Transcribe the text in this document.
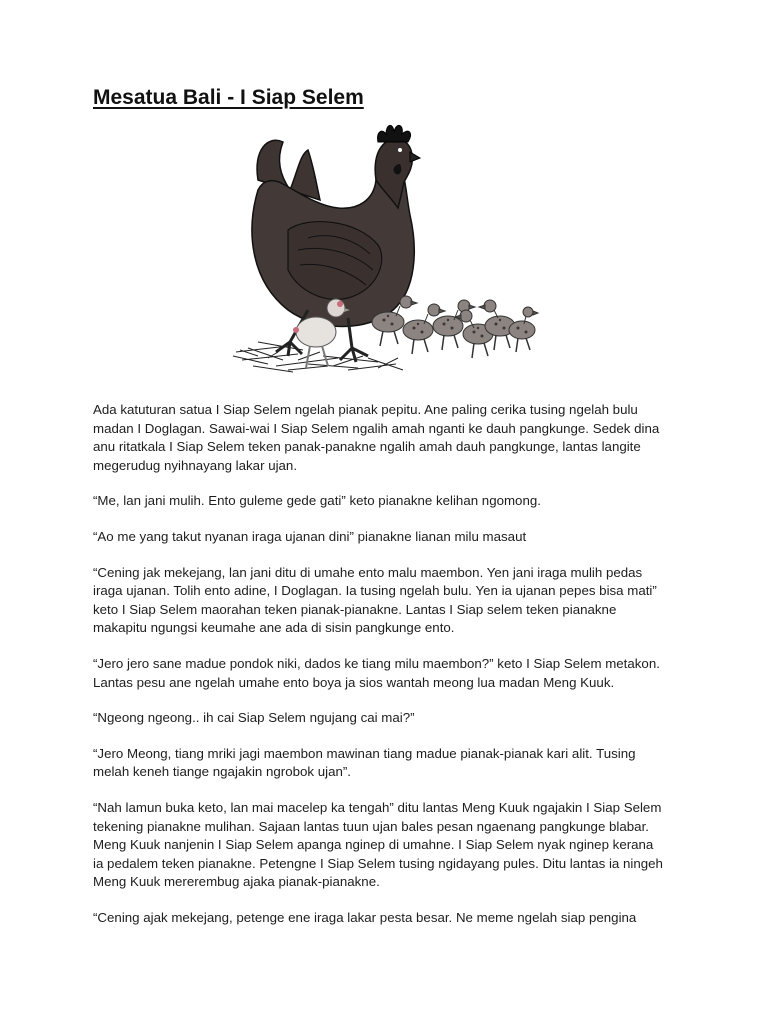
Mesatua Bali - I Siap Selem

Ada katuturan satua I Siap Selem ngelah pianak pepitu. Ane paling cerika tusing ngelah bulu
madan I Doglagan. Sawai-wai I Siap Selem ngalih amah nganti ke dauh pangkunge. Sedek dina
anu ritatkala I Siap Selem teken panak-panakne ngalih amah dauh pangkunge, lantas langite
megerudug nyihnayang lakar ujan.

“Me, lan jani mulih. Ento guleme gede gati” keto pianakne kelihan ngomong.

“Ao me yang takut nyanan iraga ujanan dini” pianakne lianan milu masaut

“Cening jak mekejang, lan jani ditu di umahe ento malu maembon. Yen jani iraga mulih pedas
iraga ujanan. Tolih ento adine, I Doglagan. Ia tusing ngelah bulu. Yen ia ujanan pepes bisa mati”
keto I Siap Selem maorahan teken pianak-pianakne. Lantas I Siap selem teken pianakne
makapitu ngungsi keumahe ane ada di sisin pangkunge ento.

“Jero jero sane madue pondok niki, dados ke tiang milu maembon?” keto I Siap Selem metakon.
Lantas pesu ane ngelah umahe ento boya ja sios wantah meong lua madan Meng Kuuk.

“Ngeong ngeong.. ih cai Siap Selem ngujang cai mai?”

“Jero Meong, tiang mriki jagi maembon mawinan tiang madue pianak-pianak kari alit. Tusing
melah keneh tiange ngajakin ngrobok ujan”.

“Nah lamun buka keto, lan mai macelep ka tengah” ditu lantas Meng Kuuk ngajakin I Siap Selem
tekening pianakne mulihan. Sajaan lantas tuun ujan bales pesan ngaenang pangkunge blabar.
Meng Kuuk nanjenin I Siap Selem apanga nginep di umahne. I Siap Selem nyak nginep kerana
ia pedalem teken pianakne. Petengne I Siap Selem tusing ngidayang pules. Ditu lantas ia ningeh
Meng Kuuk mererembug ajaka pianak-pianakne.

“Cening ajak mekejang, petenge ene iraga lakar pesta besar. Ne meme ngelah siap pengina
